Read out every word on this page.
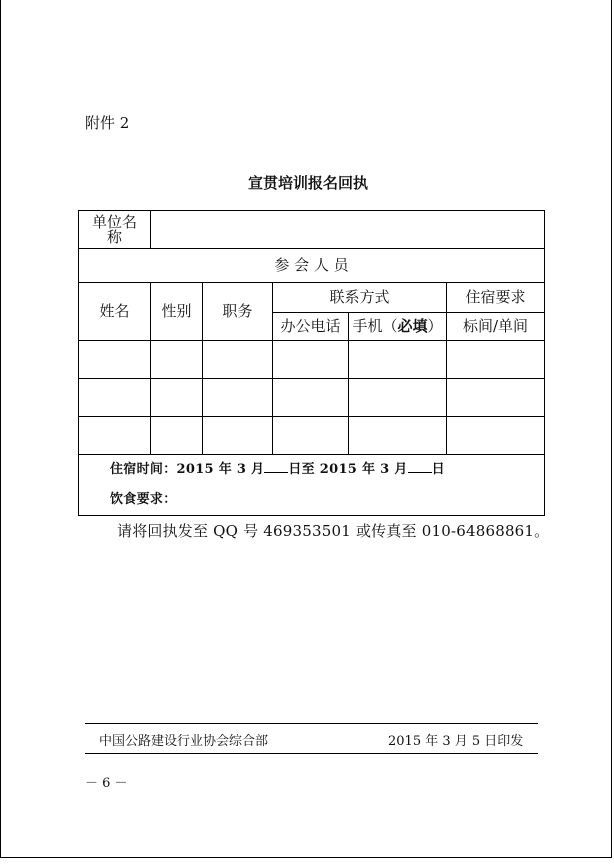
附件 2
宣贯培训报名回执
单位名称					

参 会 人 员					
姓名	性别	职务	联系方式		住宿要求
			办公电话	手机（必填）	标间/单间

住宿时间：2015 年 3 月 日至 2015 年 3 月 日
饮食要求：					
请将回执发至 QQ 号 469353501 或传真至 010-64868861。
中国公路建设行业协会综合部	2015 年 3 月 5 日印发
－ 6 －
